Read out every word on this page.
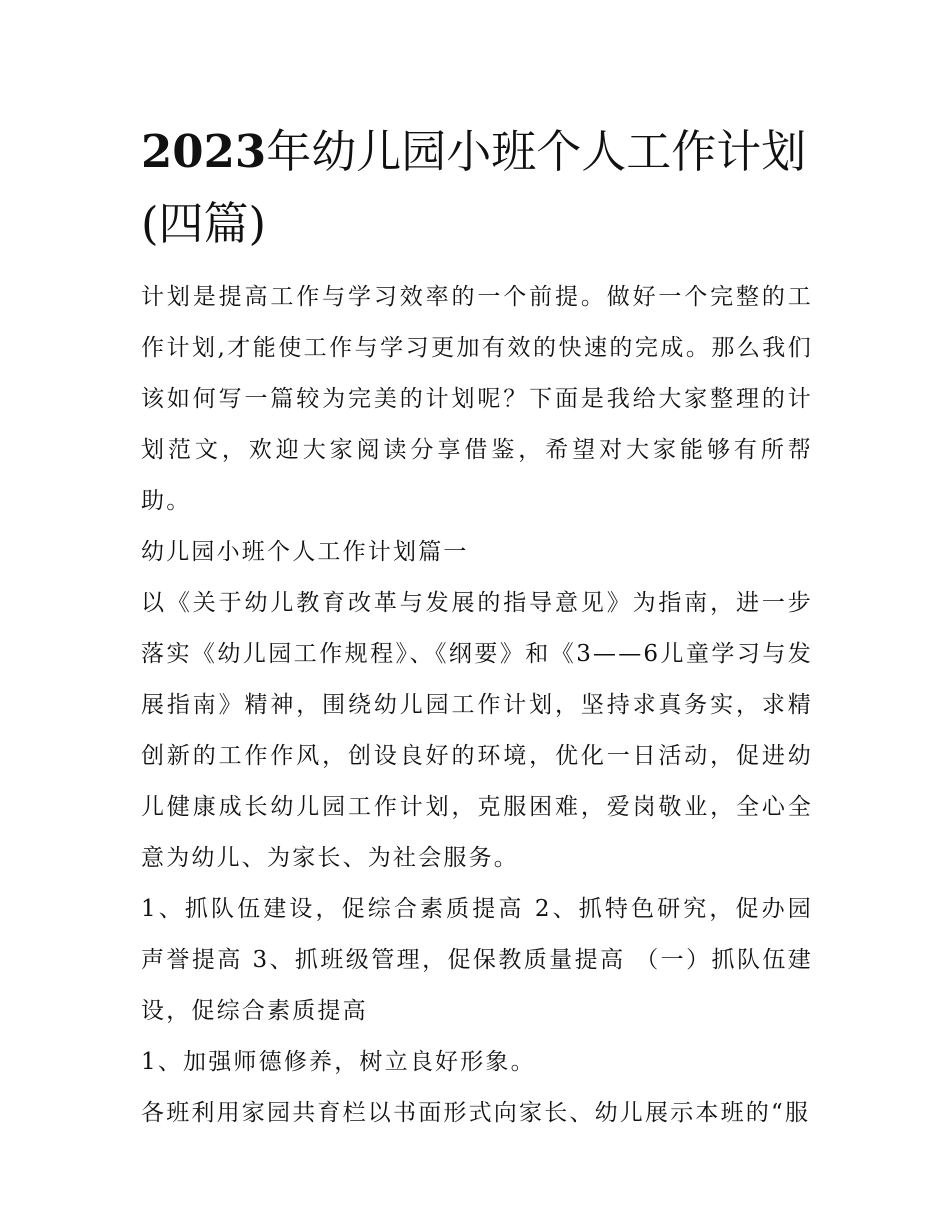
2023年幼儿园小班个人工作计划(四篇)

计划是提高工作与学习效率的一个前提。做好一个完整的工作计划,才能使工作与学习更加有效的快速的完成。那么我们该如何写一篇较为完美的计划呢？下面是我给大家整理的计划范文，欢迎大家阅读分享借鉴，希望对大家能够有所帮助。

幼儿园小班个人工作计划篇一

以《关于幼儿教育改革与发展的指导意见》为指南，进一步落实《幼儿园工作规程》、《纲要》和《3——6儿童学习与发展指南》精神，围绕幼儿园工作计划，坚持求真务实，求精创新的工作作风，创设良好的环境，优化一日活动，促进幼儿健康成长幼儿园工作计划，克服困难，爱岗敬业，全心全意为幼儿、为家长、为社会服务。

1、抓队伍建设，促综合素质提高 2、抓特色研究，促办园声誉提高 3、抓班级管理，促保教质量提高 （一）抓队伍建设，促综合素质提高

1、加强师德修养，树立良好形象。

各班利用家园共育栏以书面形式向家长、幼儿展示本班的“服
